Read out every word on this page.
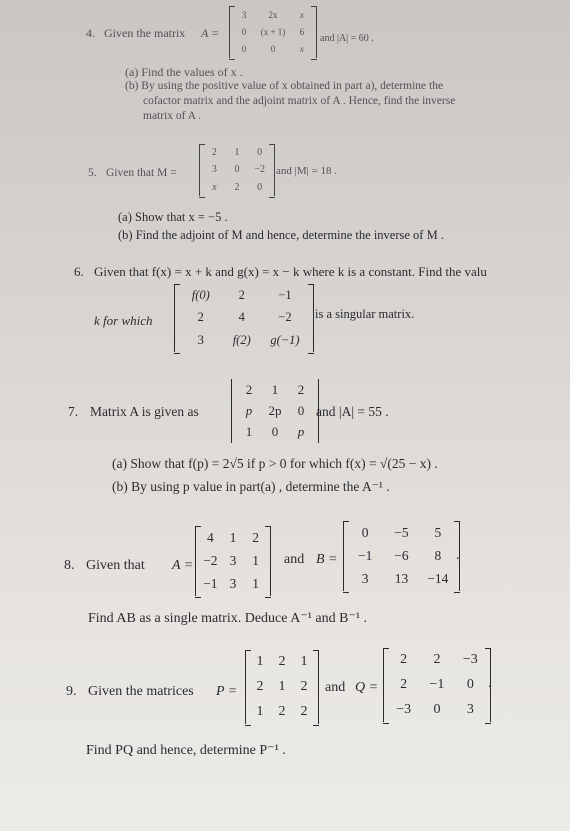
4. Given the matrix A =
3 2x x
0 (x + 1) 6
0	0	x
and |A| = 60 .
(a) Find the values of x .
(b) By using the positive value of x obtained in part a), determine the
cofactor matrix and the adjoint matrix of A . Hence, find the inverse
matrix of A .
5. Given that M =
2 1 0
3 0 −2
x 2 0
and |M| = 18 .
(a) Show that x = −5 .
(b) Find the adjoint of M and hence, determine the inverse of M .
6. Given that f(x) = x + k and g(x) = x − k where k is a constant. Find the valu
k for which
f(0) 2	−1
2	4	−2
3 f(2) g(−1)
is a singular matrix.
7. Matrix A is given as
2 1 2
p 2p 0
1 0 p
and |A| = 55 .
(a) Show that f(p) = 2√5 if p > 0 for which f(x) = √(25 − x) .
(b) By using p value in part(a) , determine the A⁻¹ .
8. Given that A =
4 1 2
−2 3 1
−1 3 1
and B =
0 −5 5
−1 −6 8
3 13 −14
.
Find AB as a single matrix. Deduce A⁻¹ and B⁻¹ .
9. Given the matrices P =
1 2 1
2 1 2
1 2 2
and Q =
2 2 −3
2 −1 0
−3 0 3
.
Find PQ and hence, determine P⁻¹ .
